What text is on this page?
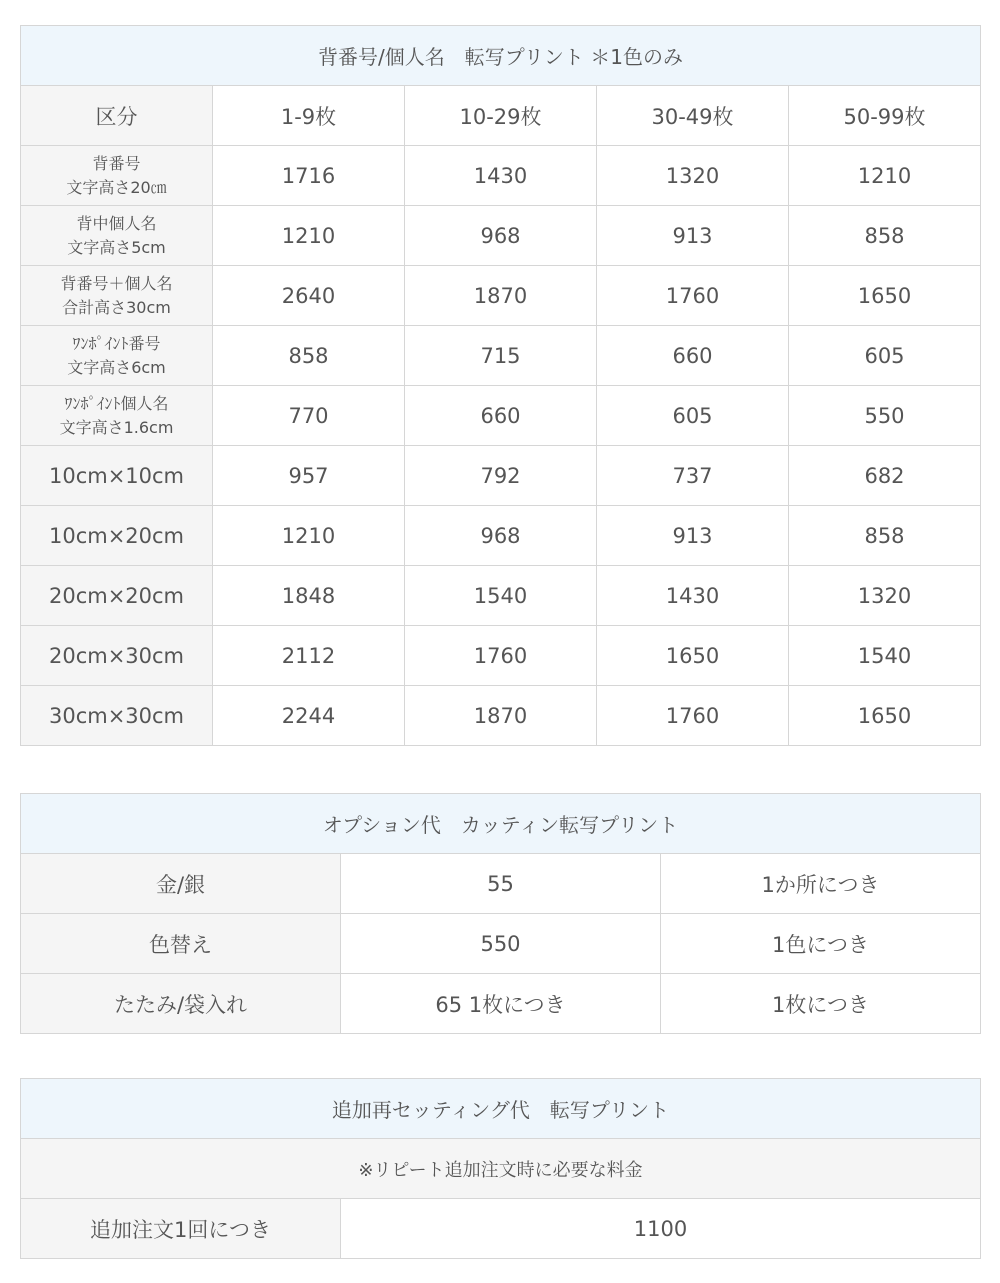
背番号/個人名　転写プリント ＊1色のみ				
区分	1-9枚	10-29枚	30-49枚	50-99枚

背番号
文字高さ20㎝	1716	1430	1320	1210

背中個人名
文字高さ5cm	1210	968	913	858

背番号＋個人名
合計高さ30cm	2640	1870	1760	1650

ﾜﾝﾎﾟｲﾝﾄ番号
文字高さ6cm	858	715	660	605

ﾜﾝﾎﾟｲﾝﾄ個人名
文字高さ1.6cm	770	660	605	550
10cm×10cm	957	792	737	682
10cm×20cm	1210	968	913	858
20cm×20cm	1848	1540	1430	1320
20cm×30cm	2112	1760	1650	1540
30cm×30cm	2244	1870	1760	1650
オプション代　カッティン転写プリント		
金/銀	55	1か所につき
色替え	550	1色につき
たたみ/袋入れ	65 1枚につき	1枚につき
追加再セッティング代　転写プリント
※リピート追加注文時に必要な料金
追加注文1回につき	1100
